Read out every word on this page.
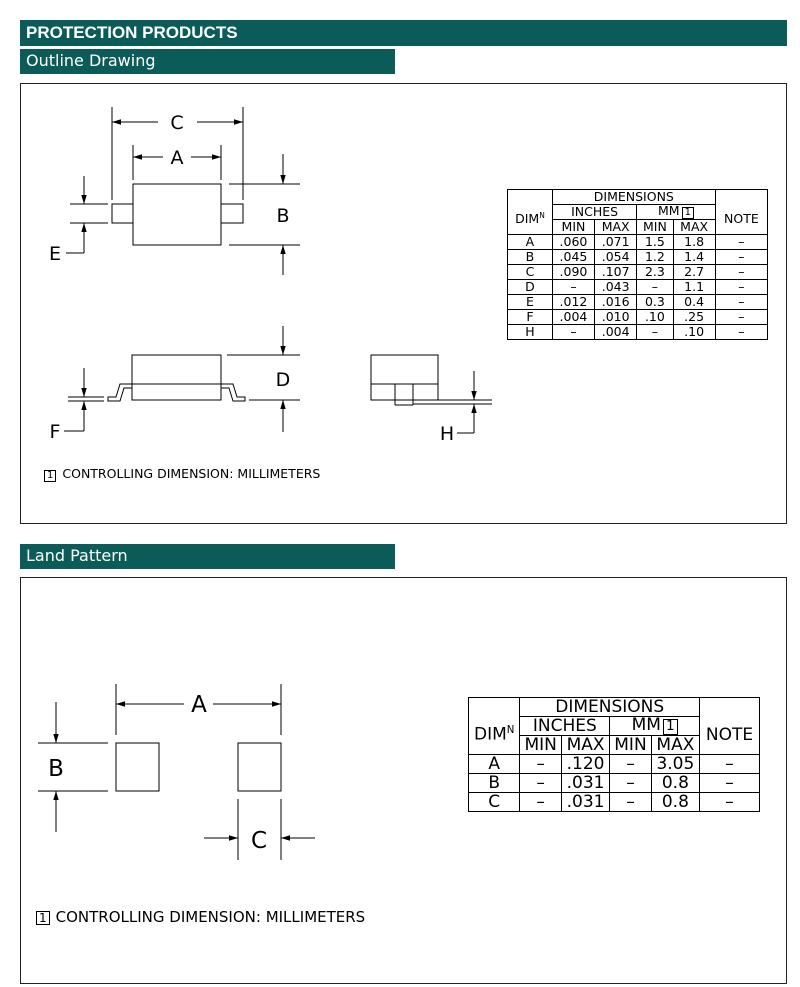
PROTECTION PRODUCTS
Outline Drawing
Land Pattern
C
A
B
E
D
F	H
A
B
C
	DIMENSIONS				
$DIM^N$	INCHES		MM 1		NOTE
	MIN	MAX	MIN	MAX	
A	.060	.071	1.5	1.8	–
B	.045	.054	1.2	1.4	–
C	.090	.107	2.3	2.7	–
D	–	.043	–	1.1	–
E	.012	.016	0.3	0.4	–
F	.004	.010	.10	.25	–
H	–	.004	–	.10	–
1 CONTROLLING DIMENSION: MILLIMETERS
	DIMENSIONS				
$DIM^N$	INCHES		MM 1		NOTE
	MIN	MAX	MIN	MAX	
A	–	.120	–	3.05	–
B	–	.031	–	0.8	–
C	–	.031	–	0.8	–
1 CONTROLLING DIMENSION: MILLIMETERS
